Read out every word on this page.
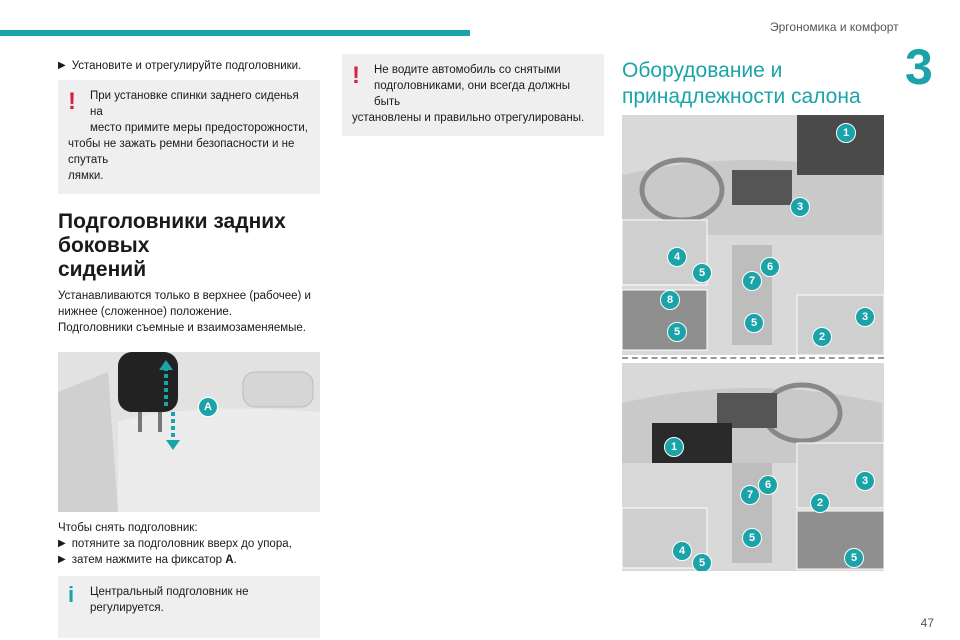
Эргономика и комфорт
3
▶ Установите и отрегулируйте подголовники.
!	При установке спинки заднего сиденья на
место примите меры предосторожности,
чтобы не зажать ремни безопасности и не спутать
лямки.
Подголовники задних боковых
сидений
Устанавливаются только в верхнее (рабочее) и
нижнее (сложенное) положение.
Подголовники съемные и взаимозаменяемые.
A
Чтобы снять подголовник:
▶ потяните за подголовник вверх до упора,
▶ затем нажмите на фиксатор A.
i	Центральный подголовник не регулируется.
!	Не водите автомобиль со снятыми
подголовниками, они всегда должны быть
установлены и правильно отрегулированы.
Оборудование и
принадлежности салона
1
3
4
5	6
7
8
5
5	3
2
1
6
7
5
3
2
4
5	5
47
